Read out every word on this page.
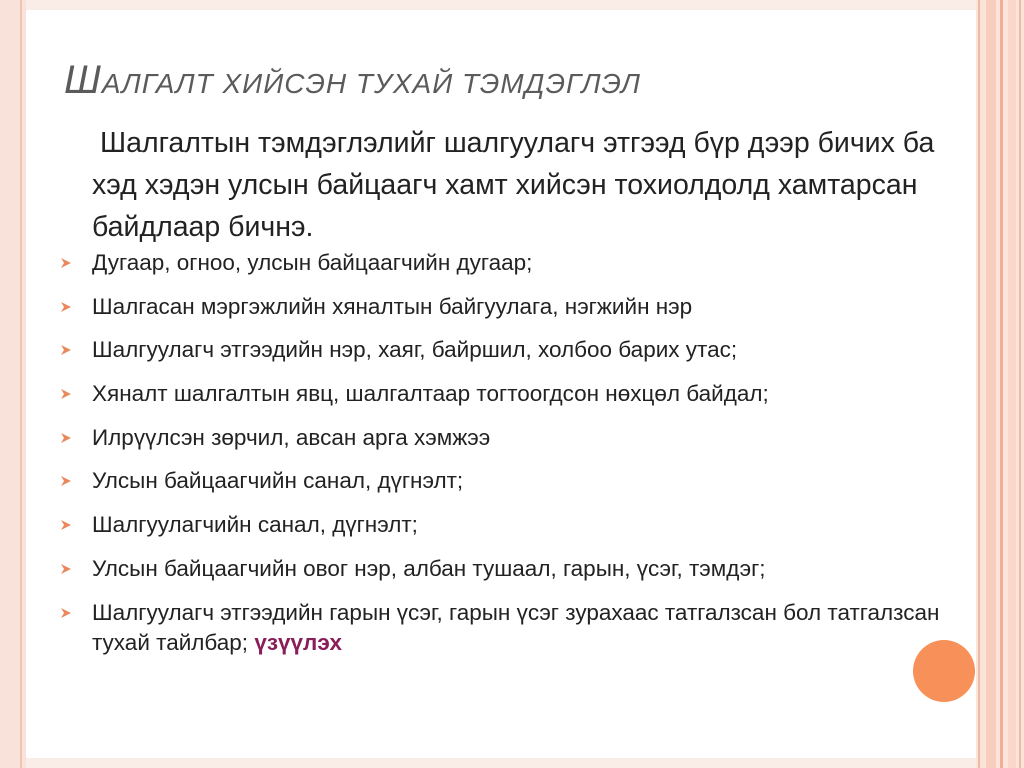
ШАЛГАЛТ ХИЙСЭН ТУХАЙ ТЭМДЭГЛЭЛ

Шалгалтын тэмдэглэлийг шалгуулагч этгээд бүр дээр бичих ба хэд хэдэн улсын байцаагч хамт хийсэн тохиолдолд хамтарсан байдлаар бичнэ.

Дугаар, огноо, улсын байцаагчийн дугаар;
Шалгасан мэргэжлийн хяналтын байгуулага, нэгжийн нэр
Шалгуулагч этгээдийн нэр, хаяг, байршил, холбоо барих утас;
Хяналт шалгалтын явц, шалгалтаар тогтоогдсон нөхцөл байдал;
Илрүүлсэн зөрчил, авсан арга хэмжээ
Улсын байцаагчийн санал, дүгнэлт;
Шалгуулагчийн санал, дүгнэлт;
Улсын байцаагчийн овог нэр, албан тушаал, гарын, үсэг, тэмдэг;
Шалгуулагч этгээдийн гарын үсэг, гарын үсэг зурахаас татгалзсан бол татгалзсан тухай тайлбар; үзүүлэх
